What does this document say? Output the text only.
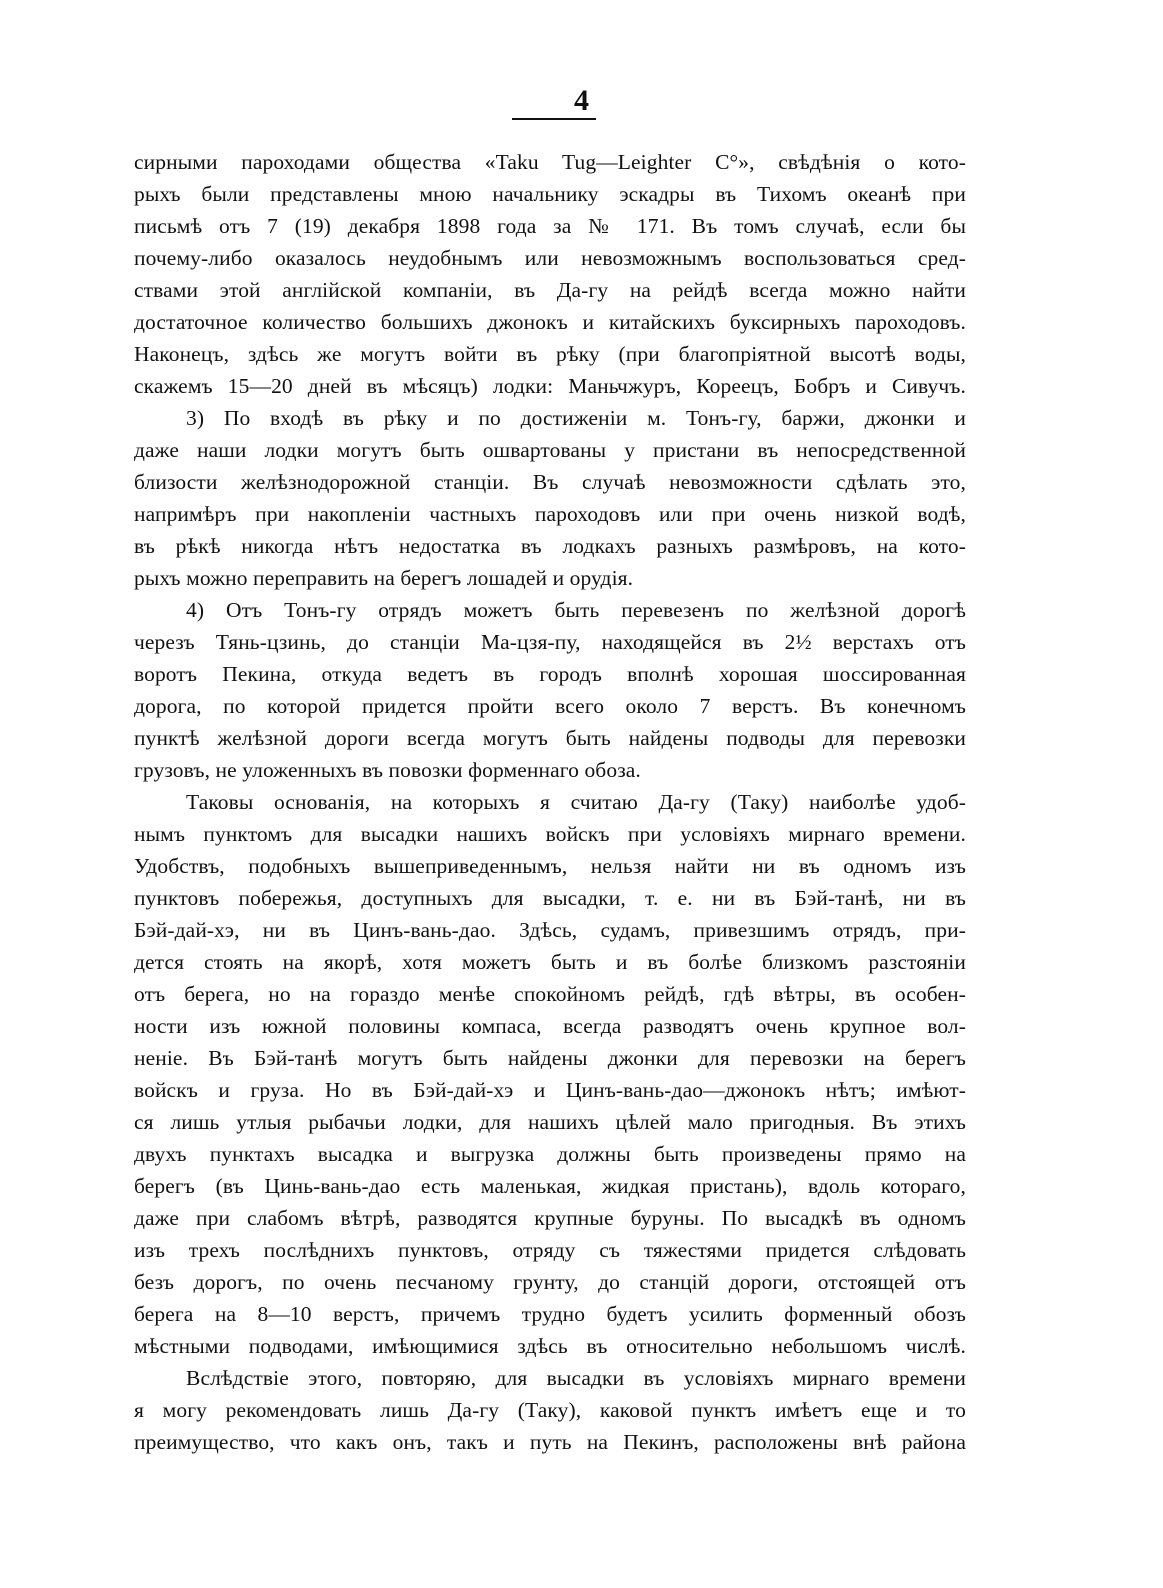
4
сирными пароходами общества «Taku Tug—Leighter C°», свѣдѣнія о кото-
рыхъ были представлены мною начальнику эскадры въ Тихомъ океанѣ при
письмѣ отъ 7 (19) декабря 1898 года за № 171. Въ томъ случаѣ, если бы
почему-либо оказалось неудобнымъ или невозможнымъ воспользоваться сред-
ствами этой англійской компаніи, въ Да-гу на рейдѣ всегда можно найти
достаточное количество большихъ джонокъ и китайскихъ буксирныхъ пароходовъ.
Наконецъ, здѣсь же могутъ войти въ рѣку (при благопріятной высотѣ воды,
скажемъ 15—20 дней въ мѣсяцъ) лодки: Маньчжуръ, Кореецъ, Бобръ и Сивучъ.
3) По входѣ въ рѣку и по достиженіи м. Тонъ-гу, баржи, джонки и
даже наши лодки могутъ быть ошвартованы у пристани въ непосредственной
близости желѣзнодорожной станціи. Въ случаѣ невозможности сдѣлать это,
напримѣръ при накопленіи частныхъ пароходовъ или при очень низкой водѣ,
въ рѣкѣ никогда нѣтъ недостатка въ лодкахъ разныхъ размѣровъ, на кото-
рыхъ можно переправить на берегъ лошадей и орудія.
4) Отъ Тонъ-гу отрядъ можетъ быть перевезенъ по желѣзной дорогѣ
черезъ Тянь-цзинь, до станціи Ма-цзя-пу, находящейся въ 2½ верстахъ отъ
воротъ Пекина, откуда ведетъ въ городъ вполнѣ хорошая шоссированная
дорога, по которой придется пройти всего около 7 верстъ. Въ конечномъ
пунктѣ желѣзной дороги всегда могутъ быть найдены подводы для перевозки
грузовъ, не уложенныхъ въ повозки форменнаго обоза.
Таковы основанія, на которыхъ я считаю Да-гу (Таку) наиболѣе удоб-
нымъ пунктомъ для высадки нашихъ войскъ при условіяхъ мирнаго времени.
Удобствъ, подобныхъ вышеприведеннымъ, нельзя найти ни въ одномъ изъ
пунктовъ побережья, доступныхъ для высадки, т. е. ни въ Бэй-танѣ, ни въ
Бэй-дай-хэ, ни въ Цинъ-вань-дао. Здѣсь, судамъ, привезшимъ отрядъ, при-
дется стоять на якорѣ, хотя можетъ быть и въ болѣе близкомъ разстояніи
отъ берега, но на гораздо менѣе спокойномъ рейдѣ, гдѣ вѣтры, въ особен-
ности изъ южной половины компаса, всегда разводятъ очень крупное вол-
неніе. Въ Бэй-танѣ могутъ быть найдены джонки для перевозки на берегъ
войскъ и груза. Но въ Бэй-дай-хэ и Цинъ-вань-дао—джонокъ нѣтъ; имѣют-
ся лишь утлыя рыбачьи лодки, для нашихъ цѣлей мало пригодныя. Въ этихъ
двухъ пунктахъ высадка и выгрузка должны быть произведены прямо на
берегъ (въ Цинь-вань-дао есть маленькая, жидкая пристань), вдоль котораго,
даже при слабомъ вѣтрѣ, разводятся крупные буруны. По высадкѣ въ одномъ
изъ трехъ послѣднихъ пунктовъ, отряду съ тяжестями придется слѣдовать
безъ дорогъ, по очень песчаному грунту, до станцій дороги, отстоящей отъ
берега на 8—10 верстъ, причемъ трудно будетъ усилить форменный обозъ
мѣстными подводами, имѣющимися здѣсь въ относительно небольшомъ числѣ.
Вслѣдствіе этого, повторяю, для высадки въ условіяхъ мирнаго времени
я могу рекомендовать лишь Да-гу (Таку), каковой пунктъ имѣетъ еще и то
преимущество, что какъ онъ, такъ и путь на Пекинъ, расположены внѣ района
